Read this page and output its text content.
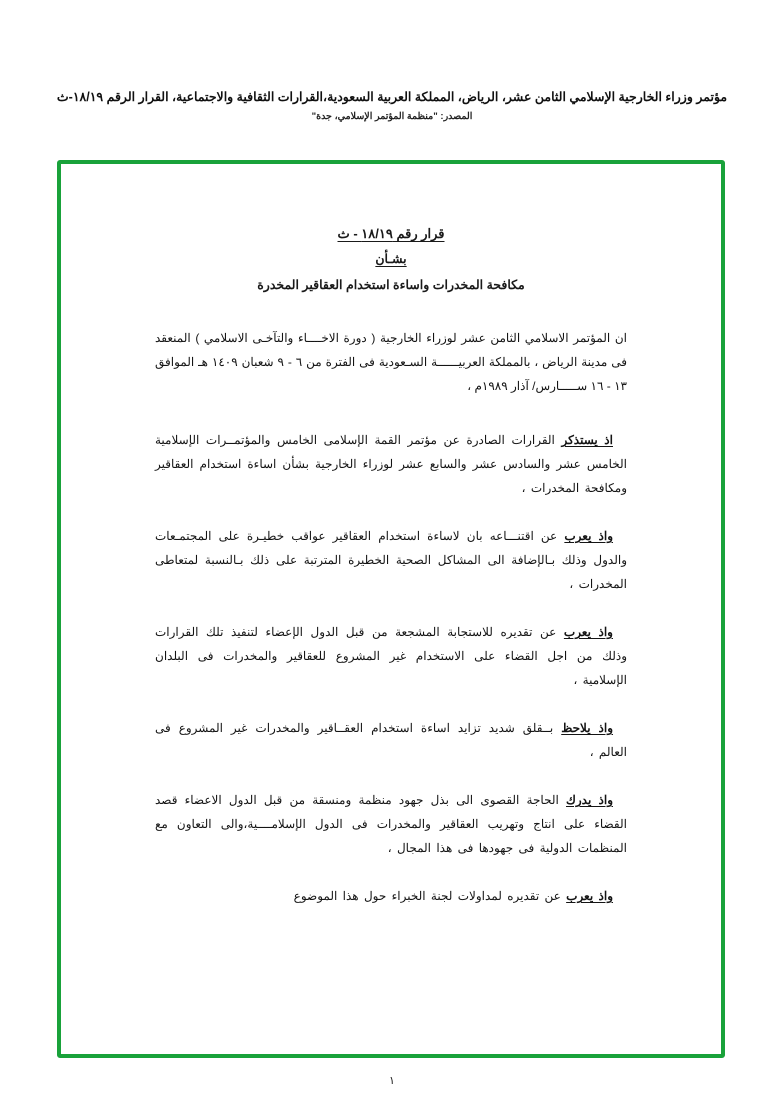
مؤتمر وزراء الخارجية الإسلامي الثامن عشر، الرياض، المملكة العربية السعودية،القرارات الثقافية والاجتماعية، القرار الرقم ١٨/١٩-ث
المصدر: "منظمة المؤتمر الإسلامي، جدة"
قرار رقم ١٨/١٩ - ث
بشـأن
مكافحة المخدرات واساءة استخدام العقاقير المخدرة
ان المؤتمر الاسلامي الثامن عشر لوزراء الخارجية ( دورة الاخــــاء والتآخـى الاسلامي ) المنعقد فى مدينة الرياض ، بالمملكة العربيــــــة السـعودية فى الفترة من ٦ - ٩ شعبان ١٤٠٩ هـ الموافق ١٣ - ١٦ ســـــارس/ آذار ١٩٨٩م ،
اذ يستذكر القرارات الصادرة عن مؤتمر القمة الإسلامى الخامس والمؤتمــرات الإسلامية الخامس عشر والسادس عشر والسابع عشر لوزراء الخارجية بشأن اساءة استخدام العقاقير ومكافحة المخدرات ،
واذ يعرب عن اقتنـــاعه بان لاساءة استخدام العقاقير عواقب خطيـرة على المجتمـعات والدول وذلك بـالإضافة الى المشاكل الصحية الخطيرة المترتبة على ذلك بـالنسبة لمتعاطى المخدرات ،
واذ يعرب عن تقديره للاستجابة المشجعة من قبل الدول الإعضاء لتنفيذ تلك القرارات وذلك من اجل القضاء على الاستخدام غير المشروع للعقاقير والمخدرات فى البلدان الإسلامية ،
واذ يلاحظ بــقلق شديد تزايد اساءة استخدام العقــاقير والمخدرات غير المشروع فى العالم ،
واذ يدرك الحاجة القصوى الى بذل جهود منظمة ومنسقة من قبل الدول الاعضاء قصد القضاء على انتاج وتهريب العقاقير والمخدرات فى الدول الإسلامــــية،والى التعاون مع المنظمات الدولية فى جهودها فى هذا المجال ،
واذ يعرب عن تقديره لمداولات لجنة الخبراء حول هذا الموضوع
١
